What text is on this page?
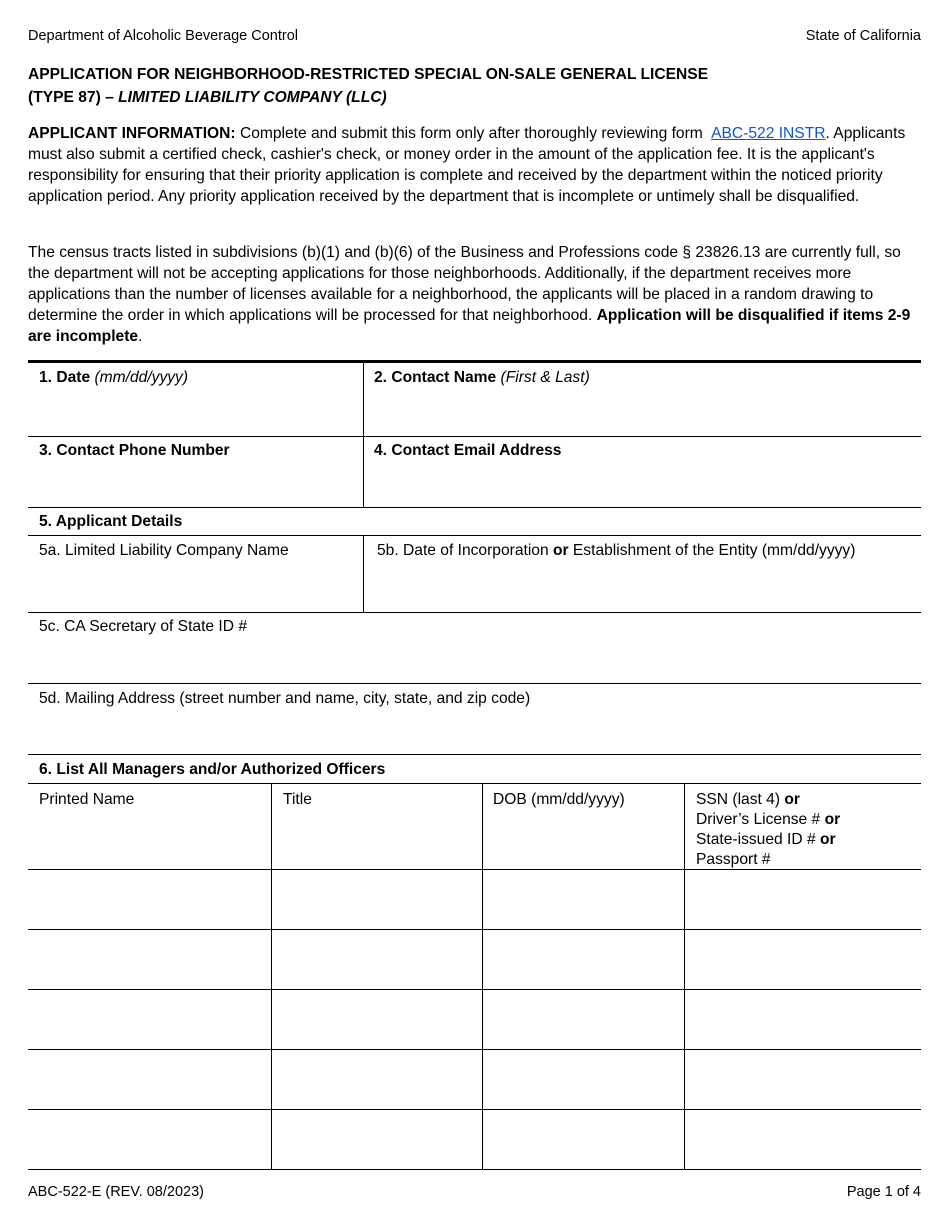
Department of Alcoholic Beverage Control	State of California
APPLICATION FOR NEIGHBORHOOD-RESTRICTED SPECIAL ON-SALE GENERAL LICENSE
(TYPE 87) – LIMITED LIABILITY COMPANY (LLC)
APPLICANT INFORMATION: Complete and submit this form only after thoroughly reviewing form ABC-522 INSTR. Applicants must also submit a certified check, cashier's check, or money order in the amount of the application fee. It is the applicant's responsibility for ensuring that their priority application is complete and received by the department within the noticed priority application period. Any priority application received by the department that is incomplete or untimely shall be disqualified.
The census tracts listed in subdivisions (b)(1) and (b)(6) of the Business and Professions code § 23826.13 are currently full, so the department will not be accepting applications for those neighborhoods. Additionally, if the department receives more applications than the number of licenses available for a neighborhood, the applicants will be placed in a random drawing to determine the order in which applications will be processed for that neighborhood. Application will be disqualified if items 2-9 are incomplete.
1. Date (mm/dd/yyyy)	2. Contact Name (First & Last)
3. Contact Phone Number	4. Contact Email Address
5. Applicant Details
5a. Limited Liability Company Name	5b. Date of Incorporation or Establishment of the Entity (mm/dd/yyyy)
5c. CA Secretary of State ID #
5d. Mailing Address (street number and name, city, state, and zip code)
6. List All Managers and/or Authorized Officers
Printed Name	Title	DOB (mm/dd/yyyy)	SSN (last 4) or
Driver’s License # or
State-issued ID # or
Passport #
ABC-522-E (REV. 08/2023)	Page 1 of 4
